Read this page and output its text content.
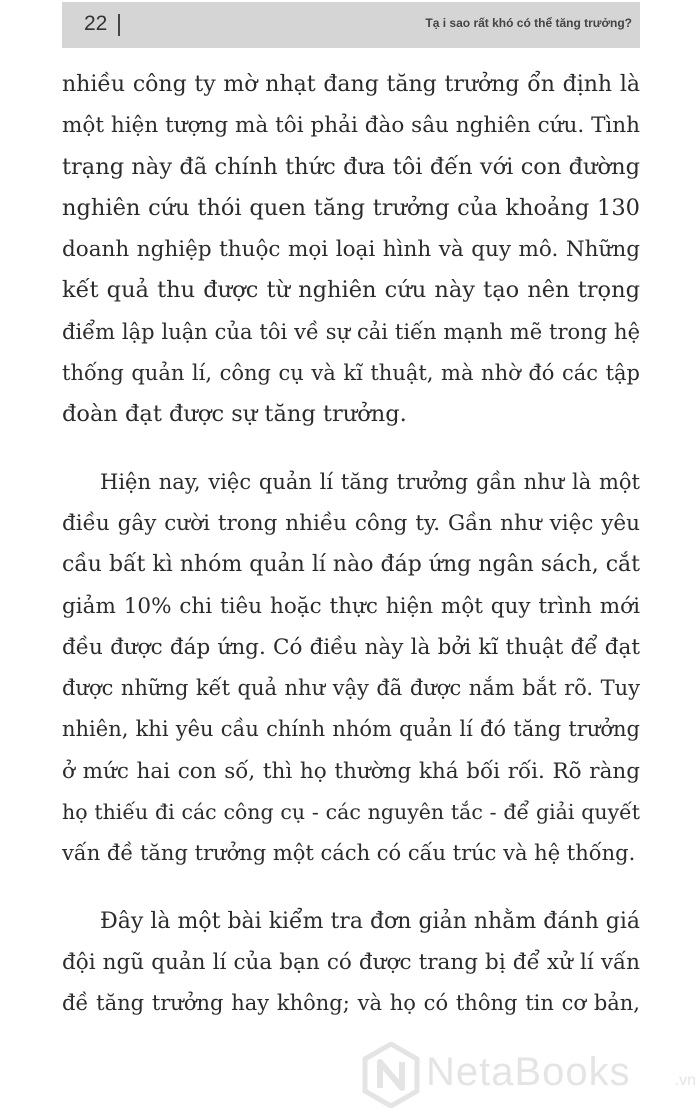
22	Tạ i sao rất khó có thể tăng trưởng?

nhiều công ty mờ nhạt đang tăng trưởng ổn định là
một hiện tượng mà tôi phải đào sâu nghiên cứu. Tình
trạng này đã chính thức đưa tôi đến với con đường
nghiên cứu thói quen tăng trưởng của khoảng 130
doanh nghiệp thuộc mọi loại hình và quy mô. Những
kết quả thu được từ nghiên cứu này tạo nên trọng
điểm lập luận của tôi về sự cải tiến mạnh mẽ trong hệ
thống quản lí, công cụ và kĩ thuật, mà nhờ đó các tập
đoàn đạt được sự tăng trưởng.

Hiện nay, việc quản lí tăng trưởng gần như là một
điều gây cười trong nhiều công ty. Gần như việc yêu
cầu bất kì nhóm quản lí nào đáp ứng ngân sách, cắt
giảm 10% chi tiêu hoặc thực hiện một quy trình mới
đều được đáp ứng. Có điều này là bởi kĩ thuật để đạt
được những kết quả như vậy đã được nắm bắt rõ. Tuy
nhiên, khi yêu cầu chính nhóm quản lí đó tăng trưởng
ở mức hai con số, thì họ thường khá bối rối. Rõ ràng
họ thiếu đi các công cụ - các nguyên tắc - để giải quyết
vấn đề tăng trưởng một cách có cấu trúc và hệ thống.

Đây là một bài kiểm tra đơn giản nhằm đánh giá
đội ngũ quản lí của bạn có được trang bị để xử lí vấn
đề tăng trưởng hay không; và họ có thông tin cơ bản,

NetaBooks	.vn
